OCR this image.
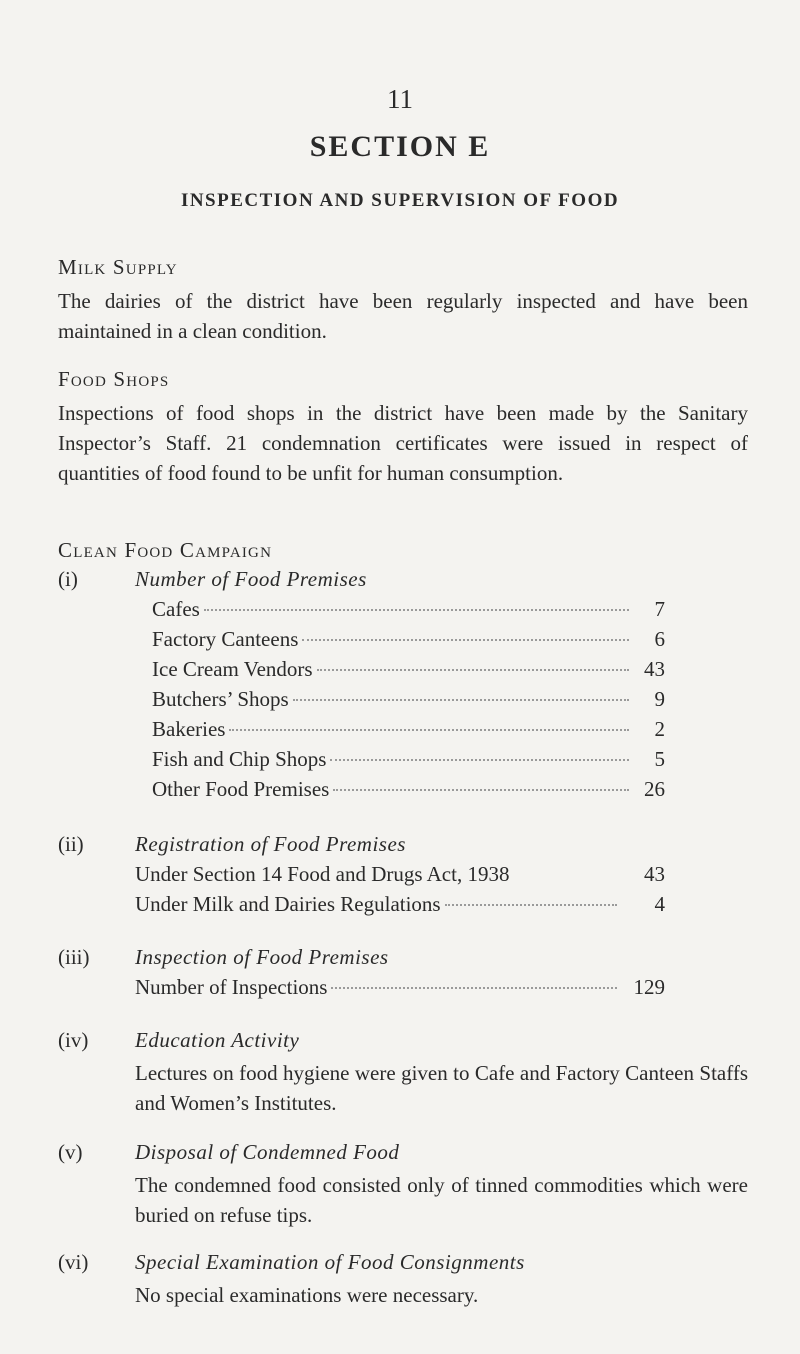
11
SECTION E
INSPECTION AND SUPERVISION OF FOOD
Milk Supply
The dairies of the district have been regularly inspected and have been maintained in a clean condition.
Food Shops
Inspections of food shops in the district have been made by the Sanitary Inspector’s Staff. 21 condemnation certificates were issued in respect of quantities of food found to be unfit for human consumption.
Clean Food Campaign
(i)	Number of Food Premises
Cafes	7
Factory Canteens	6
Ice Cream Vendors	43
Butchers’ Shops	9
Bakeries	2
Fish and Chip Shops	5
Other Food Premises	26
(ii) Registration of Food Premises
Under Section 14 Food and Drugs Act, 1938	43
Under Milk and Dairies Regulations	4
(iii) Inspection of Food Premises
Number of Inspections	129
(iv) Education Activity
Lectures on food hygiene were given to Cafe and Factory Canteen Staffs and Women’s Institutes.
(v)	Disposal of Condemned Food
The condemned food consisted only of tinned commodities which were buried on refuse tips.
(vi) Special Examination of Food Consignments
No special examinations were necessary.
